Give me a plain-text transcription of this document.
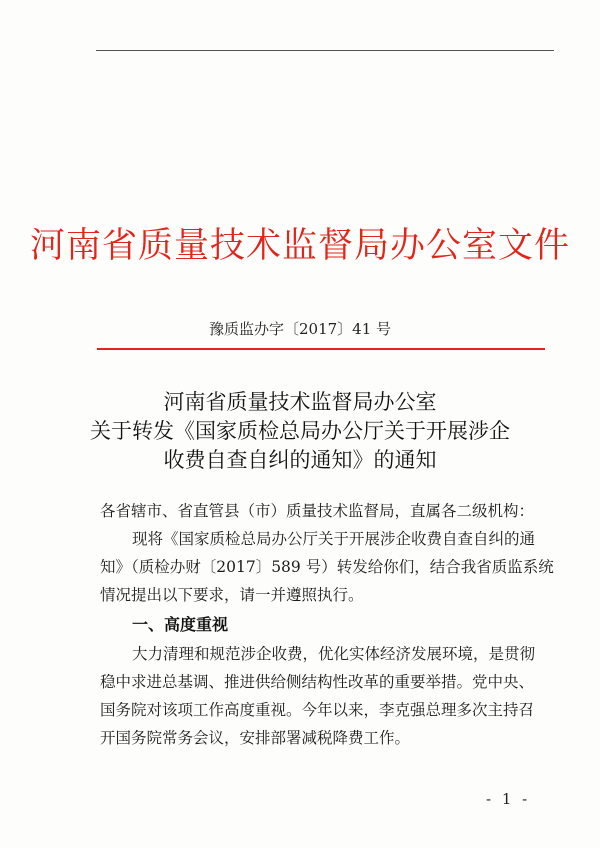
河南省质量技术监督局办公室文件
豫质监办字〔2017〕41 号
河南省质量技术监督局办公室
关于转发《国家质检总局办公厅关于开展涉企
收费自查自纠的通知》的通知
各省辖市、省直管县（市）质量技术监督局，直属各二级机构：
现将《国家质检总局办公厅关于开展涉企收费自查自纠的通
知》（质检办财〔2017〕589 号）转发给你们，结合我省质监系统
情况提出以下要求，请一并遵照执行。
一、高度重视
大力清理和规范涉企收费，优化实体经济发展环境，是贯彻
稳中求进总基调、推进供给侧结构性改革的重要举措。党中央、
国务院对该项工作高度重视。今年以来，李克强总理多次主持召
开国务院常务会议，安排部署减税降费工作。
- 1 -
